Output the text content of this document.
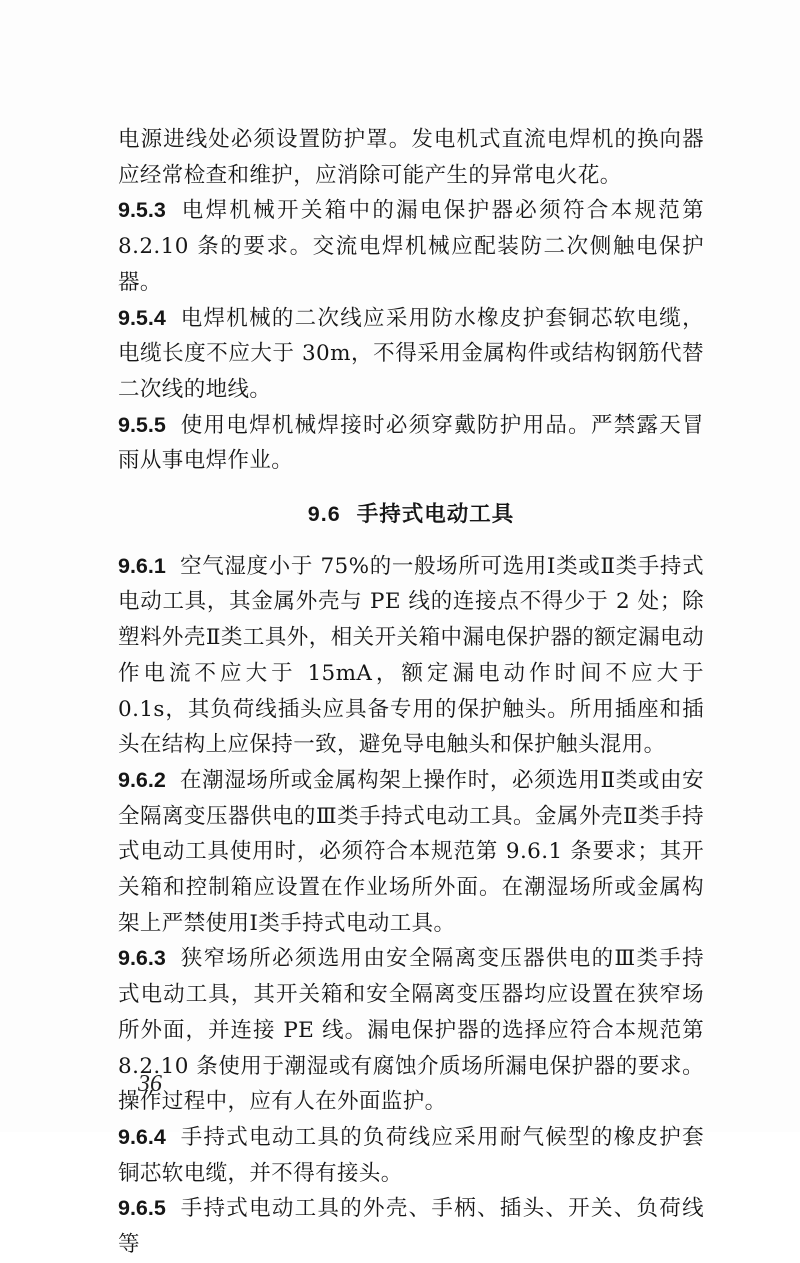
电源进线处必须设置防护罩。发电机式直流电焊机的换向器应经常检查和维护，应消除可能产生的异常电火花。

9.5.3 电焊机械开关箱中的漏电保护器必须符合本规范第 8.2.10 条的要求。交流电焊机械应配装防二次侧触电保护器。

9.5.4 电焊机械的二次线应采用防水橡皮护套铜芯软电缆，电缆长度不应大于 30m，不得采用金属构件或结构钢筋代替二次线的地线。

9.5.5 使用电焊机械焊接时必须穿戴防护用品。严禁露天冒雨从事电焊作业。

9.6 手持式电动工具

9.6.1 空气湿度小于 75%的一般场所可选用Ⅰ类或Ⅱ类手持式电动工具，其金属外壳与 PE 线的连接点不得少于 2 处；除塑料外壳Ⅱ类工具外，相关开关箱中漏电保护器的额定漏电动作电流不应大于 15mA，额定漏电动作时间不应大于 0.1s，其负荷线插头应具备专用的保护触头。所用插座和插头在结构上应保持一致，避免导电触头和保护触头混用。

9.6.2 在潮湿场所或金属构架上操作时，必须选用Ⅱ类或由安全隔离变压器供电的Ⅲ类手持式电动工具。金属外壳Ⅱ类手持式电动工具使用时，必须符合本规范第 9.6.1 条要求；其开关箱和控制箱应设置在作业场所外面。在潮湿场所或金属构架上严禁使用Ⅰ类手持式电动工具。

9.6.3 狭窄场所必须选用由安全隔离变压器供电的Ⅲ类手持式电动工具，其开关箱和安全隔离变压器均应设置在狭窄场所外面，并连接 PE 线。漏电保护器的选择应符合本规范第 8.2.10 条使用于潮湿或有腐蚀介质场所漏电保护器的要求。操作过程中，应有人在外面监护。

9.6.4 手持式电动工具的负荷线应采用耐气候型的橡皮护套铜芯软电缆，并不得有接头。

9.6.5 手持式电动工具的外壳、手柄、插头、开关、负荷线等

36
